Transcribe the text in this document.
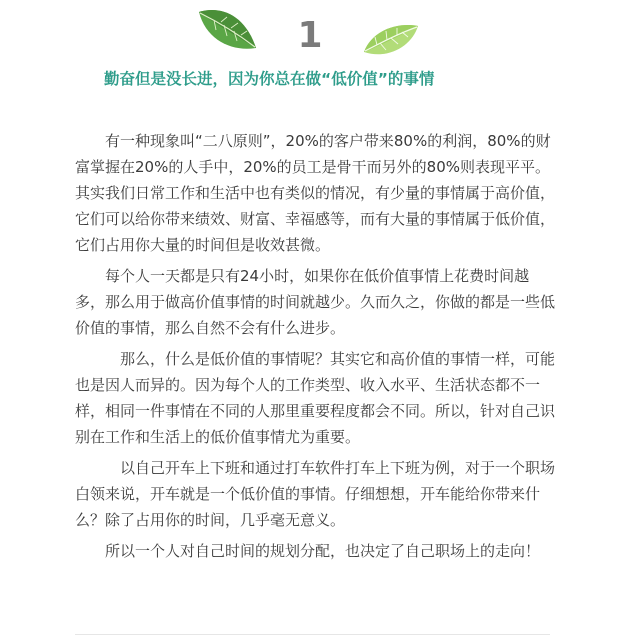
1
勤奋但是没长进，因为你总在做“低价值”的事情

有一种现象叫“二八原则”，20%的客户带来80%的利润，80%的财富掌握在20%的人手中，20%的员工是骨干而另外的80%则表现平平。其实我们日常工作和生活中也有类似的情况，有少量的事情属于高价值，它们可以给你带来绩效、财富、幸福感等，而有大量的事情属于低价值，它们占用你大量的时间但是收效甚微。

每个人一天都是只有24小时，如果你在低价值事情上花费时间越多，那么用于做高价值事情的时间就越少。久而久之，你做的都是一些低价值的事情，那么自然不会有什么进步。

那么，什么是低价值的事情呢？其实它和高价值的事情一样，可能也是因人而异的。因为每个人的工作类型、收入水平、生活状态都不一样，相同一件事情在不同的人那里重要程度都会不同。所以，针对自己识别在工作和生活上的低价值事情尤为重要。

以自己开车上下班和通过打车软件打车上下班为例，对于一个职场白领来说，开车就是一个低价值的事情。仔细想想，开车能给你带来什么？除了占用你的时间，几乎毫无意义。

所以一个人对自己时间的规划分配，也决定了自己职场上的走向！
